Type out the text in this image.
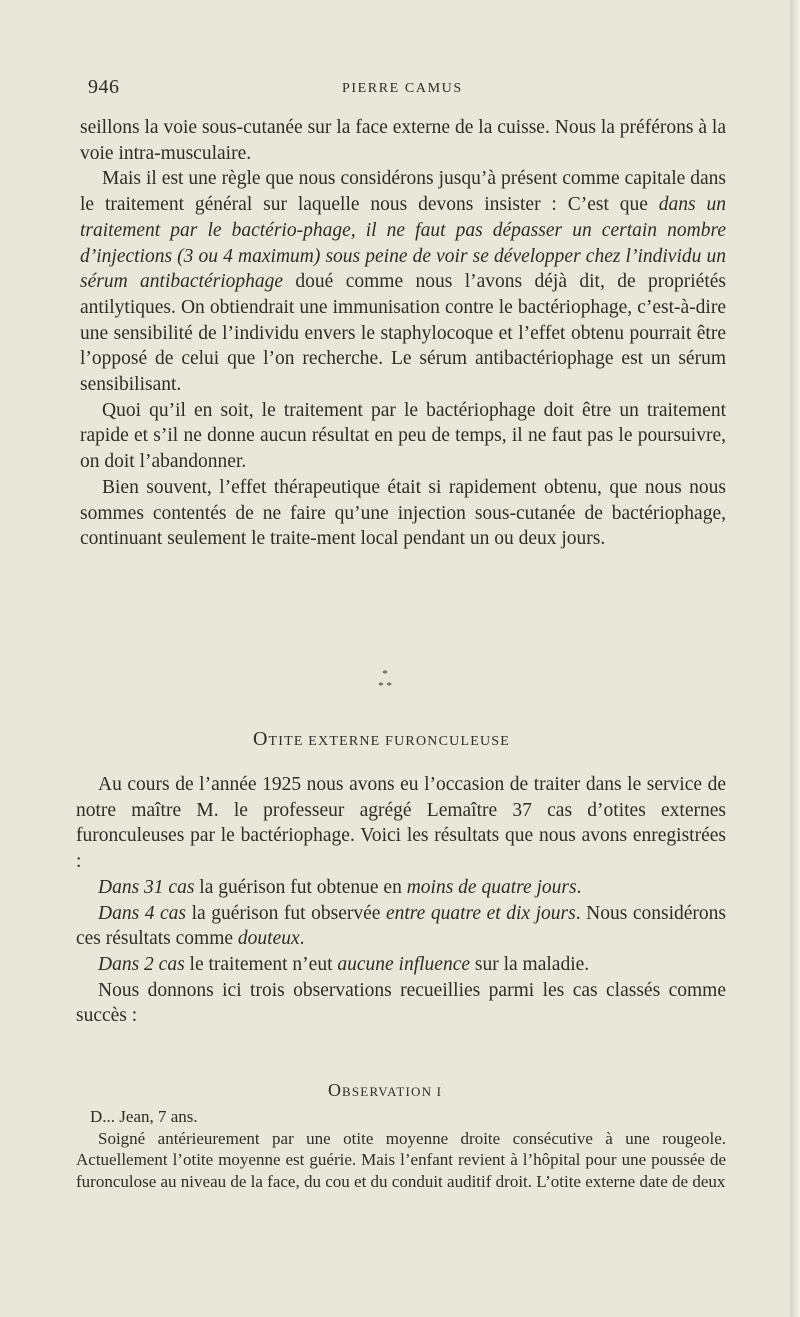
946	PIERRE CAMUS

seillons la voie sous-cutanée sur la face externe de la cuisse. Nous la préférons à la voie intra-musculaire.

Mais il est une règle que nous considérons jusqu’à présent comme capitale dans le traitement général sur laquelle nous devons insister : C’est que dans un traitement par le bactério-phage, il ne faut pas dépasser un certain nombre d’injections (3 ou 4 maximum) sous peine de voir se développer chez l’individu un sérum antibactériophage doué comme nous l’avons déjà dit, de propriétés antilytiques. On obtiendrait une immunisation contre le bactériophage, c’est-à-dire une sensibilité de l’individu envers le staphylocoque et l’effet obtenu pourrait être l’opposé de celui que l’on recherche. Le sérum antibactériophage est un sérum sensibilisant.

Quoi qu’il en soit, le traitement par le bactériophage doit être un traitement rapide et s’il ne donne aucun résultat en peu de temps, il ne faut pas le poursuivre, on doit l’abandonner.

Bien souvent, l’effet thérapeutique était si rapidement obtenu, que nous nous sommes contentés de ne faire qu’une injection sous-cutanée de bactériophage, continuant seulement le traite-ment local pendant un ou deux jours.

*
* *
OTITE EXTERNE FURONCULEUSE

Au cours de l’année 1925 nous avons eu l’occasion de traiter dans le service de notre maître M. le professeur agrégé Lemaître 37 cas d’otites externes furonculeuses par le bactériophage. Voici les résultats que nous avons enregistrées :

Dans 31 cas la guérison fut obtenue en moins de quatre jours.

Dans 4 cas la guérison fut observée entre quatre et dix jours. Nous considérons ces résultats comme douteux.

Dans 2 cas le traitement n’eut aucune influence sur la maladie.

Nous donnons ici trois observations recueillies parmi les cas classés comme succès :

OBSERVATION I

D... Jean, 7 ans.

Soigné antérieurement par une otite moyenne droite consécutive à une rougeole. Actuellement l’otite moyenne est guérie. Mais l’enfant revient à l’hôpital pour une poussée de furonculose au niveau de la face, du cou et du conduit auditif droit. L’otite externe date de deux
